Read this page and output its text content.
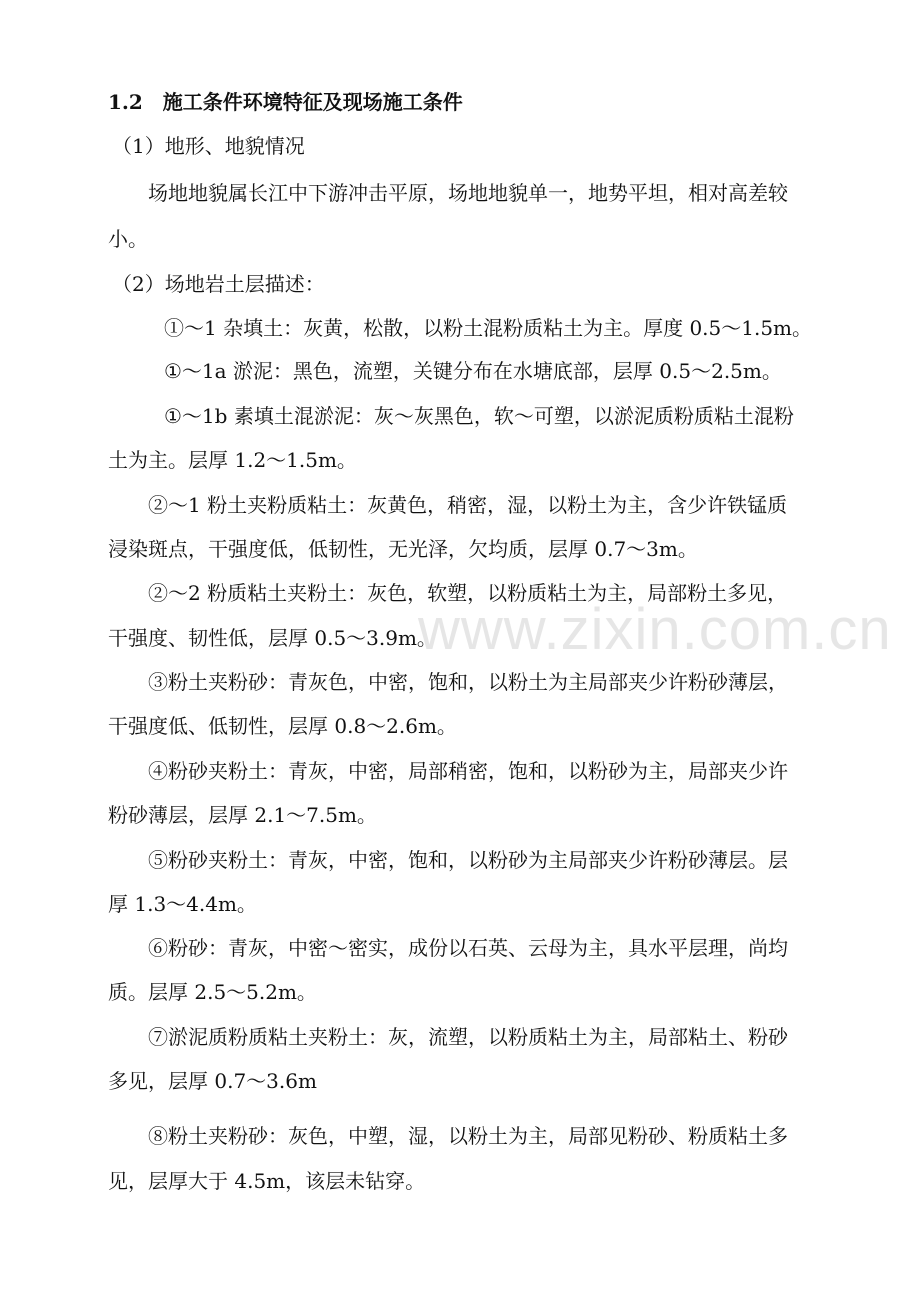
www.zixin.com.cn
1.2　施工条件环境特征及现场施工条件
（1）地形、地貌情况
场地地貌属长江中下游冲击平原，场地地貌单一，地势平坦，相对高差较
小。
（2）场地岩土层描述：
①～1 杂填土：灰黄，松散，以粉土混粉质粘土为主。厚度 0.5～1.5m。
①～1a 淤泥：黑色，流塑，关键分布在水塘底部，层厚 0.5～2.5m。
①～1b 素填土混淤泥：灰～灰黑色，软～可塑，以淤泥质粉质粘土混粉
土为主。层厚 1.2～1.5m。
②～1 粉土夹粉质粘土：灰黄色，稍密，湿，以粉土为主，含少许铁锰质
浸染斑点，干强度低，低韧性，无光泽，欠均质，层厚 0.7～3m。
②～2 粉质粘土夹粉土：灰色，软塑，以粉质粘土为主，局部粉土多见，
干强度、韧性低，层厚 0.5～3.9m。
③粉土夹粉砂：青灰色，中密，饱和，以粉土为主局部夹少许粉砂薄层，
干强度低、低韧性，层厚 0.8～2.6m。
④粉砂夹粉土：青灰，中密，局部稍密，饱和，以粉砂为主，局部夹少许
粉砂薄层，层厚 2.1～7.5m。
⑤粉砂夹粉土：青灰，中密，饱和，以粉砂为主局部夹少许粉砂薄层。层
厚 1.3～4.4m。
⑥粉砂：青灰，中密～密实，成份以石英、云母为主，具水平层理，尚均
质。层厚 2.5～5.2m。
⑦淤泥质粉质粘土夹粉土：灰，流塑，以粉质粘土为主，局部粘土、粉砂
多见，层厚 0.7～3.6m
⑧粉土夹粉砂：灰色，中塑，湿，以粉土为主，局部见粉砂、粉质粘土多
见，层厚大于 4.5m，该层未钻穿。
